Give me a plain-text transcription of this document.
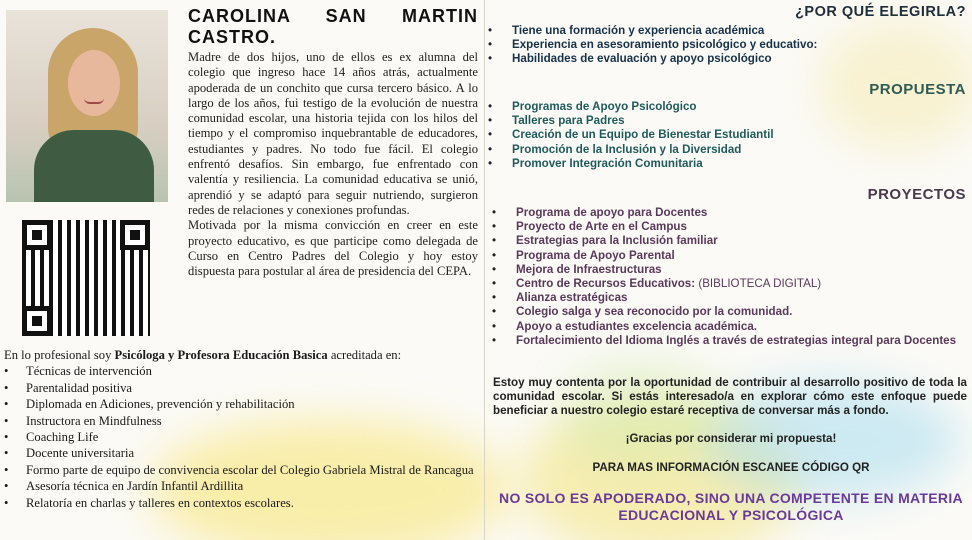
CAROLINA SAN MARTIN CASTRO.

Madre de dos hijos, uno de ellos es ex alumna del colegio que ingreso hace 14 años atrás, actualmente apoderada de un conchito que cursa tercero básico. A lo largo de los años, fui testigo de la evolución de nuestra comunidad escolar, una historia tejida con los hilos del tiempo y el compromiso inquebrantable de educadores, estudiantes y padres. No todo fue fácil. El colegio enfrentó desafíos. Sin embargo, fue enfrentado con valentía y resiliencia. La comunidad educativa se unió, aprendió y se adaptó para seguir nutriendo, surgieron redes de relaciones y conexiones profundas.

Motivada por la misma convicción en creer en este proyecto educativo, es que participe como delegada de Curso en Centro Padres del Colegio y hoy estoy dispuesta para postular al área de presidencia del CEPA.

En lo profesional soy Psicóloga y Profesora Educación Basica acreditada en:
• Técnicas de intervención
• Parentalidad positiva
• Diplomada en Adiciones, prevención y rehabilitación
• Instructora en Mindfulness
• Coaching Life
• Docente universitaria
• Formo parte de equipo de convivencia escolar del Colegio Gabriela Mistral de Rancagua
• Asesoría técnica en Jardín Infantil Ardillita
• Relatoría en charlas y talleres en contextos escolares.
¿POR QUÉ ELEGIRLA?
• Tiene una formación y experiencia académica
• Experiencia en asesoramiento psicológico y educativo:
• Habilidades de evaluación y apoyo psicológico
PROPUESTA
• Programas de Apoyo Psicológico
• Talleres para Padres
• Creación de un Equipo de Bienestar Estudiantil
• Promoción de la Inclusión y la Diversidad
• Promover Integración Comunitaria
PROYECTOS
• Programa de apoyo para Docentes
• Proyecto de Arte en el Campus
• Estrategias para la Inclusión familiar
• Programa de Apoyo Parental
• Mejora de Infraestructuras
• Centro de Recursos Educativos: (BIBLIOTECA DIGITAL)
• Alianza estratégicas
• Colegio salga y sea reconocido por la comunidad.
• Apoyo a estudiantes excelencia académica.
• Fortalecimiento del Idioma Inglés a través de estrategias integral para Docentes

Estoy muy contenta por la oportunidad de contribuir al desarrollo positivo de toda la comunidad escolar. Si estás interesado/a en explorar cómo este enfoque puede beneficiar a nuestro colegio estaré receptiva de conversar más a fondo.

¡Gracias por considerar mi propuesta!

PARA MAS INFORMACIÓN ESCANEE CÓDIGO QR

NO SOLO ES APODERADO, SINO UNA COMPETENTE EN MATERIA EDUCACIONAL Y PSICOLÓGICA
